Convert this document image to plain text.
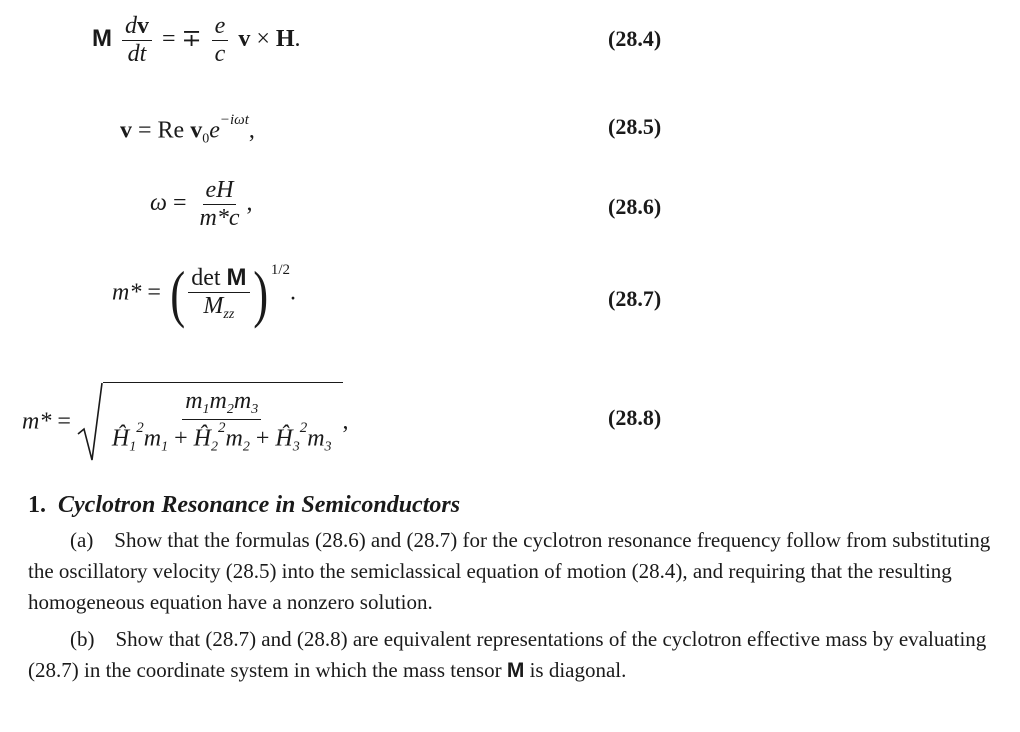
M $\frac{dv}{dt}$ = ∓ $\frac{e}{c}$ v × H.	(28.4)
v = Re $v_0e^{-i\omega t}$,	(28.5)
$\omega = \frac{eH}{m*c}$ ,	(28.6)
m* = ( $\frac{\text{det M}}{M_{zz}}$ ) $^{1/2}$.	(28.7)
$m* = \frac{m_1m_2m_3}{Ĥ_1^2m_1 + Ĥ_2^2m_2 + Ĥ_3^2m_3}$ ,	(28.8)
1. Cyclotron Resonance in Semiconductors
(a) Show that the formulas (28.6) and (28.7) for the cyclotron resonance frequency follow from substituting the oscillatory velocity (28.5) into the semiclassical equation of motion (28.4), and requiring that the resulting homogeneous equation have a nonzero solution.
(b) Show that (28.7) and (28.8) are equivalent representations of the cyclotron effective mass by evaluating (28.7) in the coordinate system in which the mass tensor M is diagonal.
